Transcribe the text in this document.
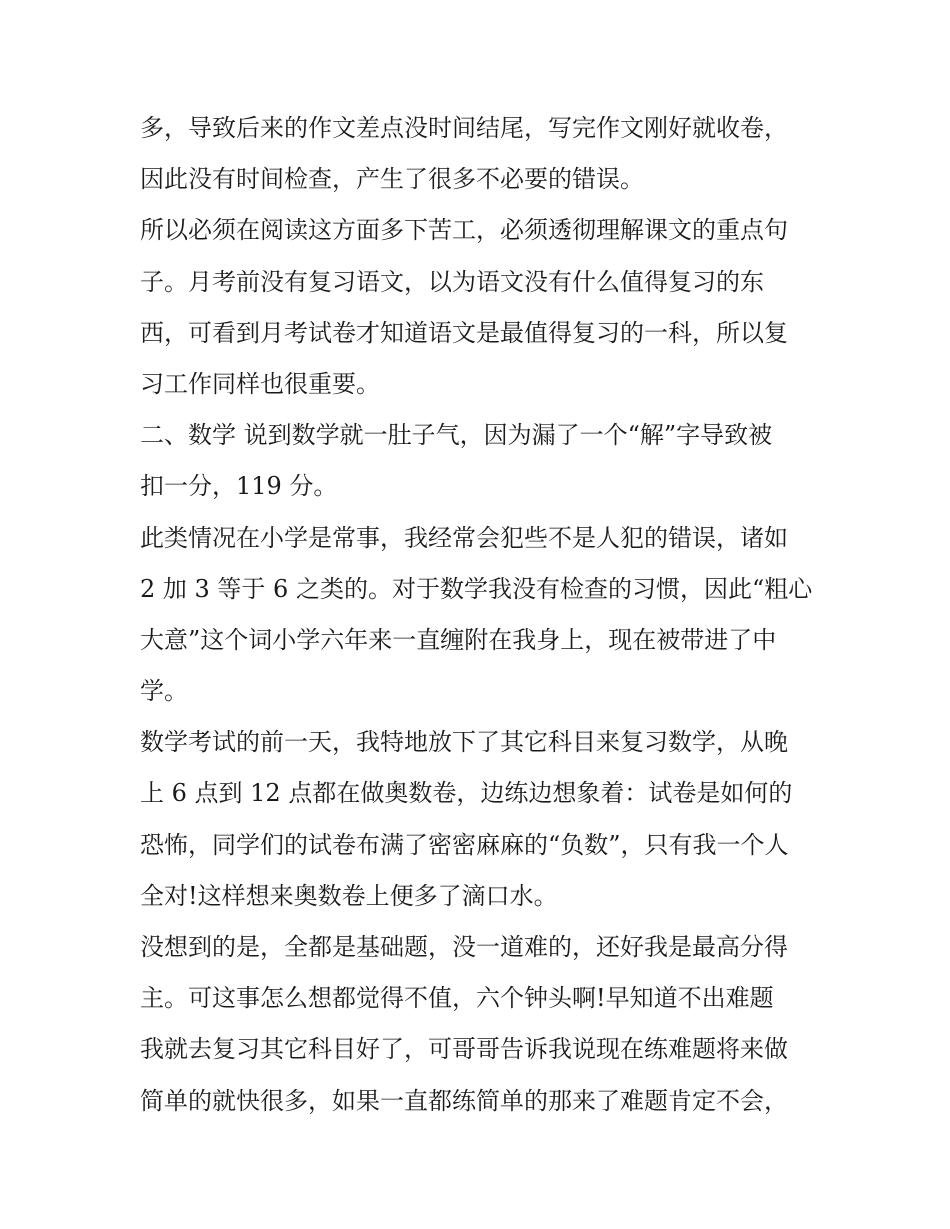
多，导致后来的作文差点没时间结尾，写完作文刚好就收卷，

因此没有时间检查，产生了很多不必要的错误。

所以必须在阅读这方面多下苦工，必须透彻理解课文的重点句

子。月考前没有复习语文，以为语文没有什么值得复习的东

西，可看到月考试卷才知道语文是最值得复习的一科，所以复

习工作同样也很重要。

二、数学 说到数学就一肚子气，因为漏了一个“解”字导致被

扣一分，119 分。

此类情况在小学是常事，我经常会犯些不是人犯的错误，诸如

2 加 3 等于 6 之类的。对于数学我没有检查的习惯，因此“粗心

大意”这个词小学六年来一直缠附在我身上，现在被带进了中

学。

数学考试的前一天，我特地放下了其它科目来复习数学，从晚

上 6 点到 12 点都在做奥数卷，边练边想象着：试卷是如何的

恐怖，同学们的试卷布满了密密麻麻的“负数”，只有我一个人

全对!这样想来奥数卷上便多了滴口水。

没想到的是，全都是基础题，没一道难的，还好我是最高分得

主。可这事怎么想都觉得不值，六个钟头啊!早知道不出难题

我就去复习其它科目好了，可哥哥告诉我说现在练难题将来做

简单的就快很多，如果一直都练简单的那来了难题肯定不会，
